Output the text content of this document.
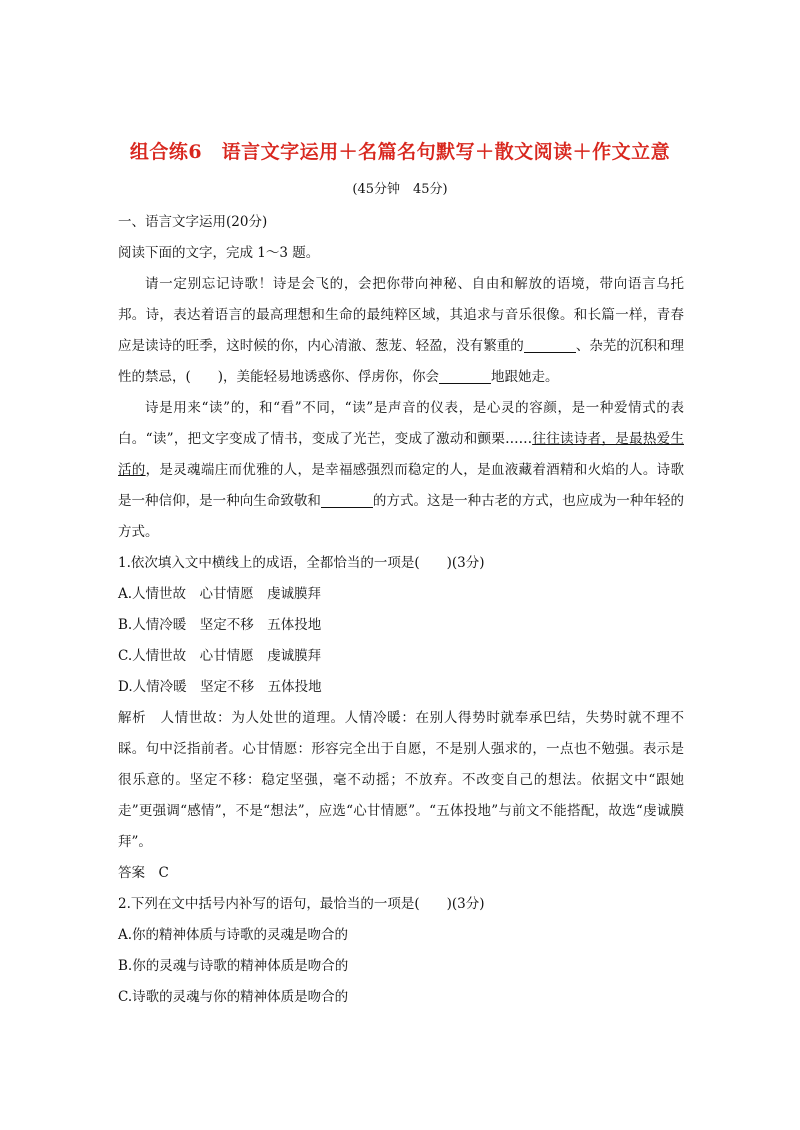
组合练6　语言文字运用＋名篇名句默写＋散文阅读＋作文立意
(45分钟　45分)
一、语言文字运用(20分)
阅读下面的文字，完成 1～3 题。
请一定别忘记诗歌！诗是会飞的，会把你带向神秘、自由和解放的语境，带向语言乌托邦。诗，表达着语言的最高理想和生命的最纯粹区域，其追求与音乐很像。和长篇一样，青春应是读诗的旺季，这时候的你，内心清澈、葱茏、轻盈，没有繁重的	、杂芜的沉积和理性的禁忌，(　　)，美能轻易地诱惑你、俘虏你，你会	地跟她走。
诗是用来“读”的，和“看”不同，“读”是声音的仪表，是心灵的容颜，是一种爱情式的表白。“读”，把文字变成了情书，变成了光芒，变成了激动和颤栗……往往读诗者，是最热爱生活的，是灵魂端庄而优雅的人，是幸福感强烈而稳定的人，是血液藏着酒精和火焰的人。诗歌是一种信仰，是一种向生命致敬和	的方式。这是一种古老的方式，也应成为一种年轻的方式。
1.依次填入文中横线上的成语，全都恰当的一项是(　　)(3分)
A.人情世故　心甘情愿　虔诚膜拜
B.人情冷暖　坚定不移　五体投地
C.人情世故　心甘情愿　虔诚膜拜
D.人情冷暖　坚定不移　五体投地
解析　人情世故：为人处世的道理。人情冷暖：在别人得势时就奉承巴结，失势时就不理不睬。句中泛指前者。心甘情愿：形容完全出于自愿，不是别人强求的，一点也不勉强。表示是很乐意的。坚定不移：稳定坚强，毫不动摇；不放弃。不改变自己的想法。依据文中“跟她走”更强调“感情”，不是“想法”，应选“心甘情愿”。“五体投地”与前文不能搭配，故选“虔诚膜拜”。
答案　C
2.下列在文中括号内补写的语句，最恰当的一项是(　　)(3分)
A.你的精神体质与诗歌的灵魂是吻合的
B.你的灵魂与诗歌的精神体质是吻合的
C.诗歌的灵魂与你的精神体质是吻合的
